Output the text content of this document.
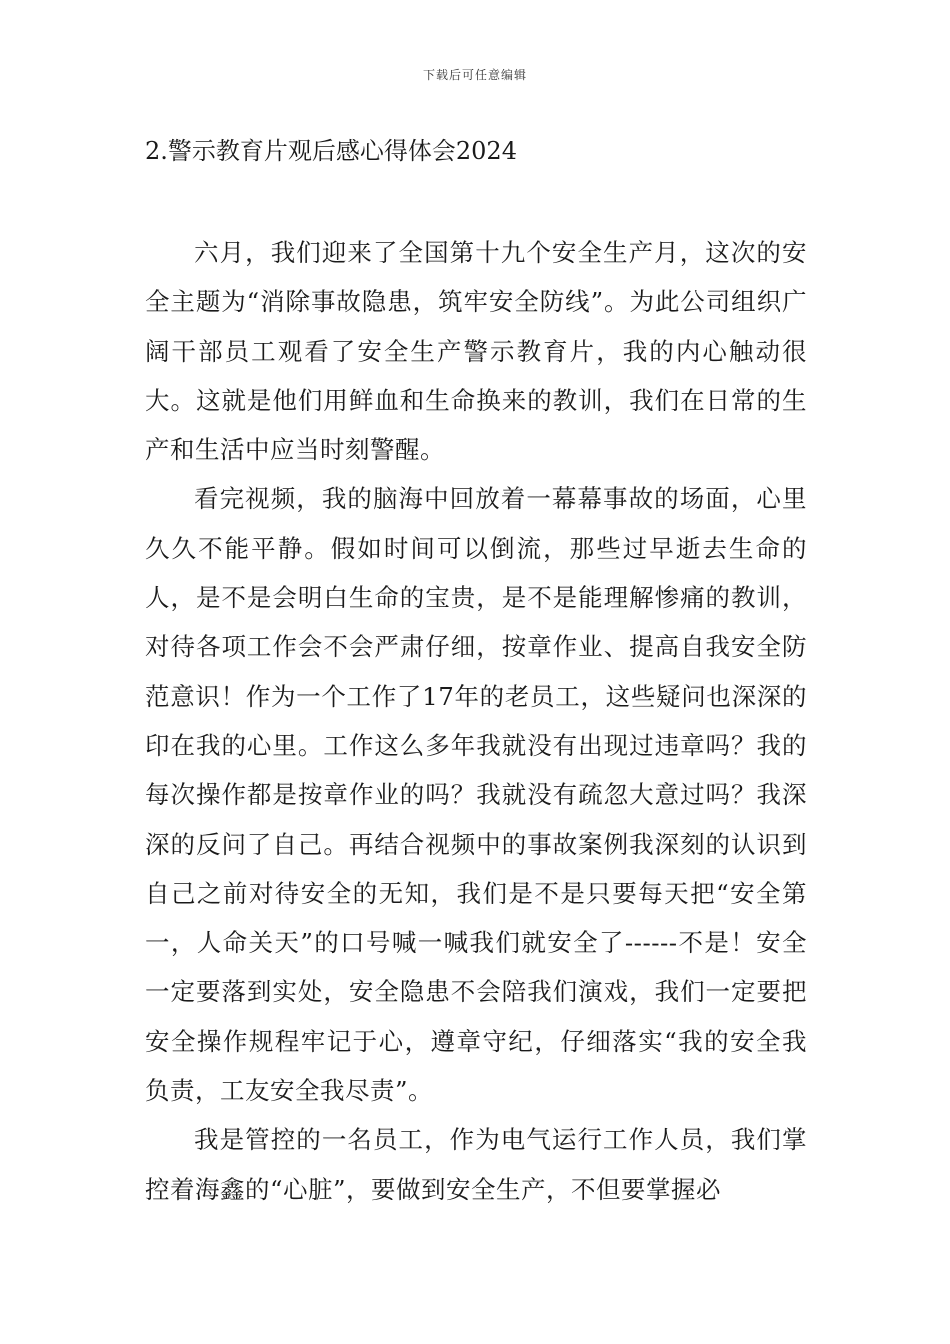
下载后可任意编辑
2.警示教育片观后感心得体会2024

六月，我们迎来了全国第十九个安全生产月，这次的安全主题为“消除事故隐患，筑牢安全防线”。为此公司组织广阔干部员工观看了安全生产警示教育片，我的内心触动很大。这就是他们用鲜血和生命换来的教训，我们在日常的生产和生活中应当时刻警醒。

看完视频，我的脑海中回放着一幕幕事故的场面，心里久久不能平静。假如时间可以倒流，那些过早逝去生命的人，是不是会明白生命的宝贵，是不是能理解惨痛的教训，对待各项工作会不会严肃仔细，按章作业、提高自我安全防范意识！作为一个工作了17年的老员工，这些疑问也深深的印在我的心里。工作这么多年我就没有出现过违章吗？我的每次操作都是按章作业的吗？我就没有疏忽大意过吗？我深深的反问了自己。再结合视频中的事故案例我深刻的认识到自己之前对待安全的无知，我们是不是只要每天把“安全第一，人命关天”的口号喊一喊我们就安全了------不是！安全一定要落到实处，安全隐患不会陪我们演戏，我们一定要把安全操作规程牢记于心，遵章守纪，仔细落实“我的安全我负责，工友安全我尽责”。

我是管控的一名员工，作为电气运行工作人员，我们掌控着海鑫的“心脏”，要做到安全生产，不但要掌握必
